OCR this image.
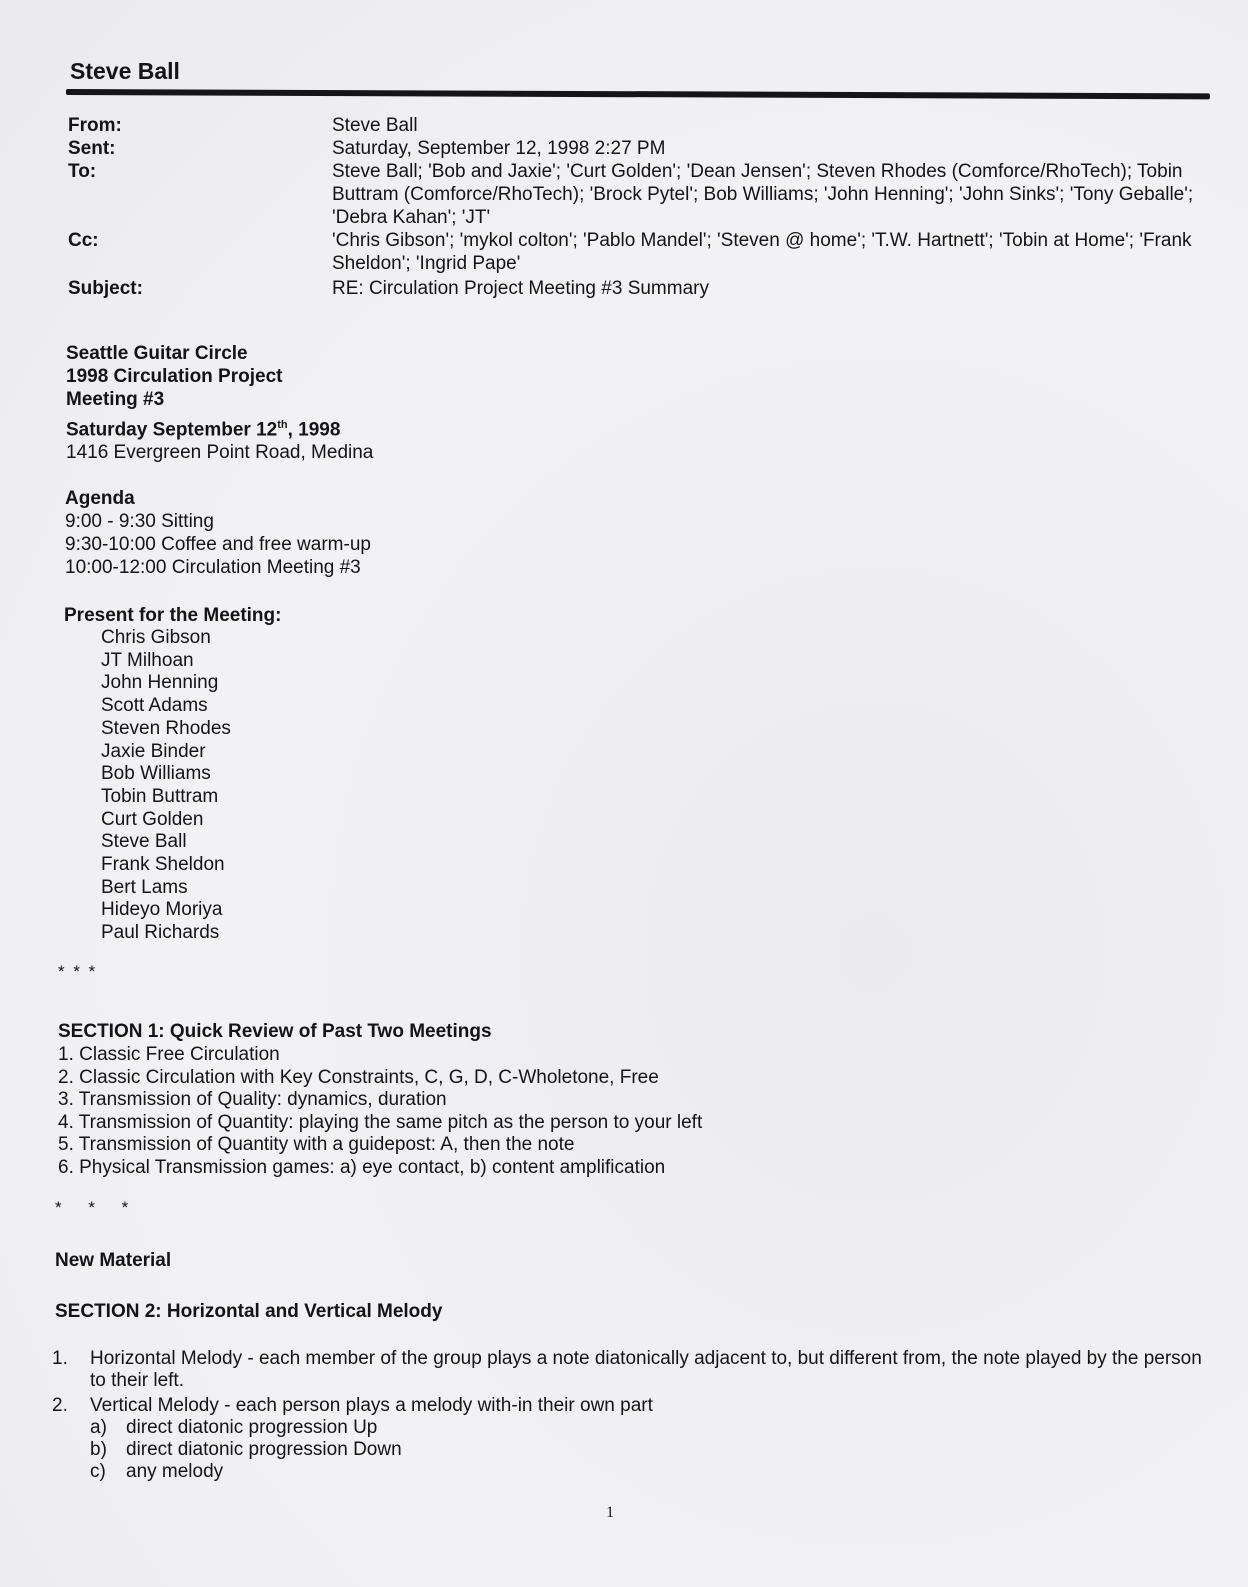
Steve Ball
From:	Steve Ball
Sent:	Saturday, September 12, 1998 2:27 PM
To:	Steve Ball; 'Bob and Jaxie'; 'Curt Golden'; 'Dean Jensen'; Steven Rhodes (Comforce/RhoTech); Tobin Buttram (Comforce/RhoTech); 'Brock Pytel'; Bob Williams; 'John Henning'; 'John Sinks'; 'Tony Geballe'; 'Debra Kahan'; 'JT'
Cc:	'Chris Gibson'; 'mykol colton'; 'Pablo Mandel'; 'Steven @ home'; 'T.W. Hartnett'; 'Tobin at Home'; 'Frank Sheldon'; 'Ingrid Pape'
Subject:	RE: Circulation Project Meeting #3 Summary
Seattle Guitar Circle
1998 Circulation Project
Meeting #3
Saturday September 12th, 1998
1416 Evergreen Point Road, Medina
Agenda
9:00 - 9:30 Sitting
9:30-10:00 Coffee and free warm-up
10:00-12:00 Circulation Meeting #3
Present for the Meeting:
Chris Gibson
JT Milhoan
John Henning
Scott Adams
Steven Rhodes
Jaxie Binder
Bob Williams
Tobin Buttram
Curt Golden
Steve Ball
Frank Sheldon
Bert Lams
Hideyo Moriya
Paul Richards
* * *
SECTION 1: Quick Review of Past Two Meetings
1. Classic Free Circulation
2. Classic Circulation with Key Constraints, C, G, D, C-Wholetone, Free
3. Transmission of Quality: dynamics, duration
4. Transmission of Quantity: playing the same pitch as the person to your left
5. Transmission of Quantity with a guidepost: A, then the note
6. Physical Transmission games: a) eye contact, b) content amplification
* * *
New Material
SECTION 2: Horizontal and Vertical Melody
1.	Horizontal Melody - each member of the group plays a note diatonically adjacent to, but different from, the note played by the person to their left.
2.	Vertical Melody - each person plays a melody with-in their own part
a)	direct diatonic progression Up
b)	direct diatonic progression Down
c)	any melody
1
